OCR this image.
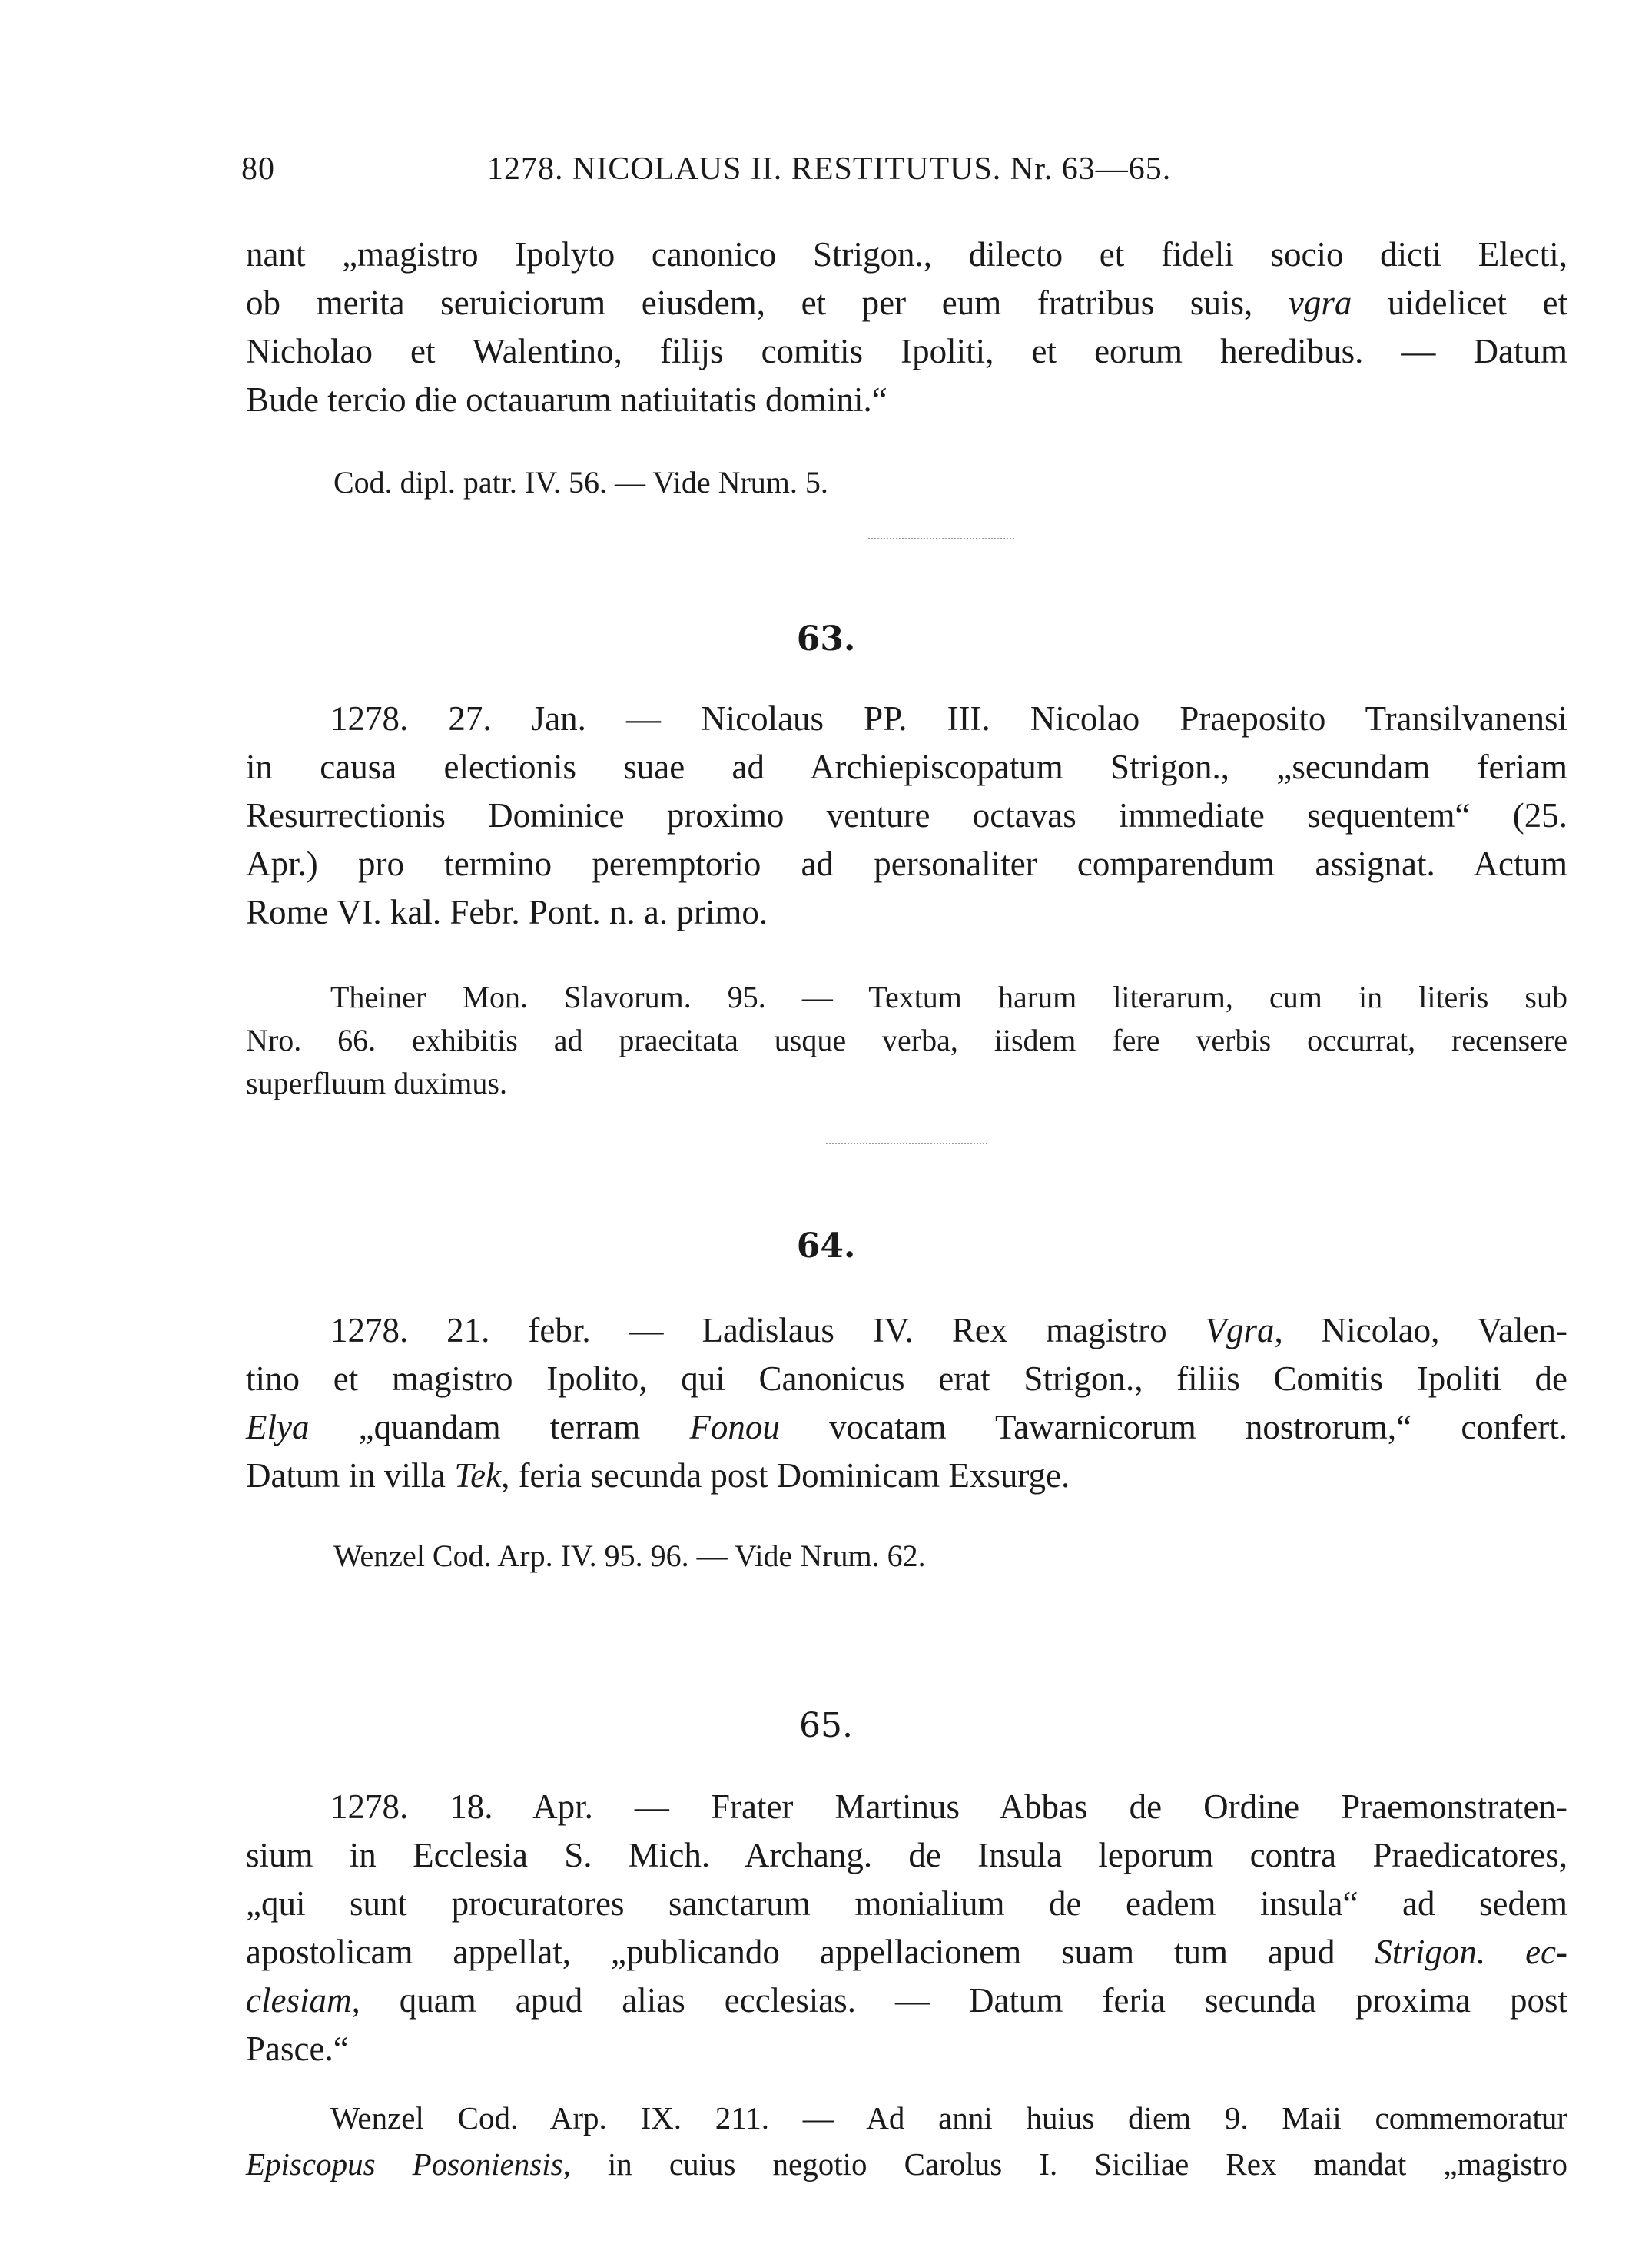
80	1278. NICOLAUS II. RESTITUTUS. Nr. 63—65.

nant „magistro Ipolyto canonico Strigon., dilecto et fideli socio dicti Electi,
ob merita seruiciorum eiusdem, et per eum fratribus suis, vgra uidelicet et
Nicholao et Walentino, filijs comitis Ipoliti, et eorum heredibus. — Datum
Bude tercio die octauarum natiuitatis domini.“

Cod. dipl. patr. IV. 56. — Vide Nrum. 5.

63.

1278. 27. Jan. — Nicolaus PP. III. Nicolao Praeposito Transilvanensi
in causa electionis suae ad Archiepiscopatum Strigon., „secundam feriam
Resurrectionis Dominice proximo venture octavas immediate sequentem“ (25.
Apr.) pro termino peremptorio ad personaliter comparendum assignat. Actum
Rome VI. kal. Febr. Pont. n. a. primo.

Theiner Mon. Slavorum. 95. — Textum harum literarum, cum in literis sub
Nro. 66. exhibitis ad praecitata usque verba, iisdem fere verbis occurrat, recensere
superfluum duximus.

64.

1278. 21. febr. — Ladislaus IV. Rex magistro Vgra, Nicolao, Valen-
tino et magistro Ipolito, qui Canonicus erat Strigon., filiis Comitis Ipoliti de
Elya „quandam terram Fonou vocatam Tawarnicorum nostrorum,“ confert.
Datum in villa Tek, feria secunda post Dominicam Exsurge.

Wenzel Cod. Arp. IV. 95. 96. — Vide Nrum. 62.

65.

1278. 18. Apr. — Frater Martinus Abbas de Ordine Praemonstraten-
sium in Ecclesia S. Mich. Archang. de Insula leporum contra Praedicatores,
„qui sunt procuratores sanctarum monialium de eadem insula“ ad sedem
apostolicam appellat, „publicando appellacionem suam tum apud Strigon. ec-
clesiam, quam apud alias ecclesias. — Datum feria secunda proxima post
Pasce.“

Wenzel Cod. Arp. IX. 211. — Ad anni huius diem 9. Maii commemoratur
Episcopus Posoniensis, in cuius negotio Carolus I. Siciliae Rex mandat „magistro
